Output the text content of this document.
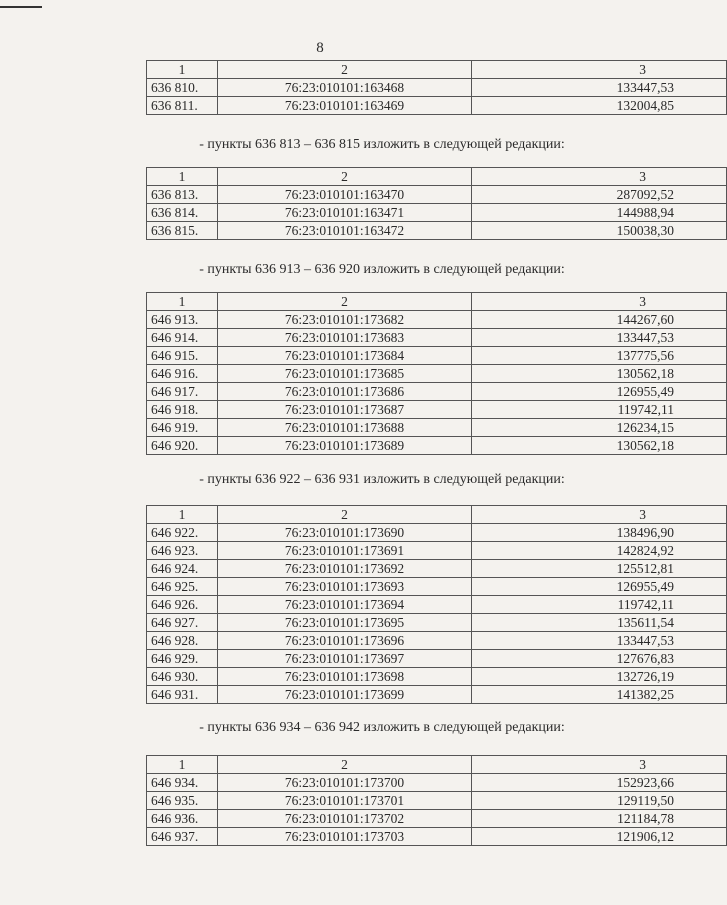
8
1	2	3
636 810.	76:23:010101:163468	133447,53
636 811.	76:23:010101:163469	132004,85
- пункты 636 813 – 636 815 изложить в следующей редакции:
1	2	3
636 813.	76:23:010101:163470	287092,52
636 814.	76:23:010101:163471	144988,94
636 815.	76:23:010101:163472	150038,30
- пункты 636 913 – 636 920 изложить в следующей редакции:
1	2	3
646 913.	76:23:010101:173682	144267,60
646 914.	76:23:010101:173683	133447,53
646 915.	76:23:010101:173684	137775,56
646 916.	76:23:010101:173685	130562,18
646 917.	76:23:010101:173686	126955,49
646 918.	76:23:010101:173687	119742,11
646 919.	76:23:010101:173688	126234,15
646 920.	76:23:010101:173689	130562,18
- пункты 636 922 – 636 931 изложить в следующей редакции:
1	2	3
646 922.	76:23:010101:173690	138496,90
646 923.	76:23:010101:173691	142824,92
646 924.	76:23:010101:173692	125512,81
646 925.	76:23:010101:173693	126955,49
646 926.	76:23:010101:173694	119742,11
646 927.	76:23:010101:173695	135611,54
646 928.	76:23:010101:173696	133447,53
646 929.	76:23:010101:173697	127676,83
646 930.	76:23:010101:173698	132726,19
646 931.	76:23:010101:173699	141382,25
- пункты 636 934 – 636 942 изложить в следующей редакции:
1	2	3
646 934.	76:23:010101:173700	152923,66
646 935.	76:23:010101:173701	129119,50
646 936.	76:23:010101:173702	121184,78
646 937.	76:23:010101:173703	121906,12
